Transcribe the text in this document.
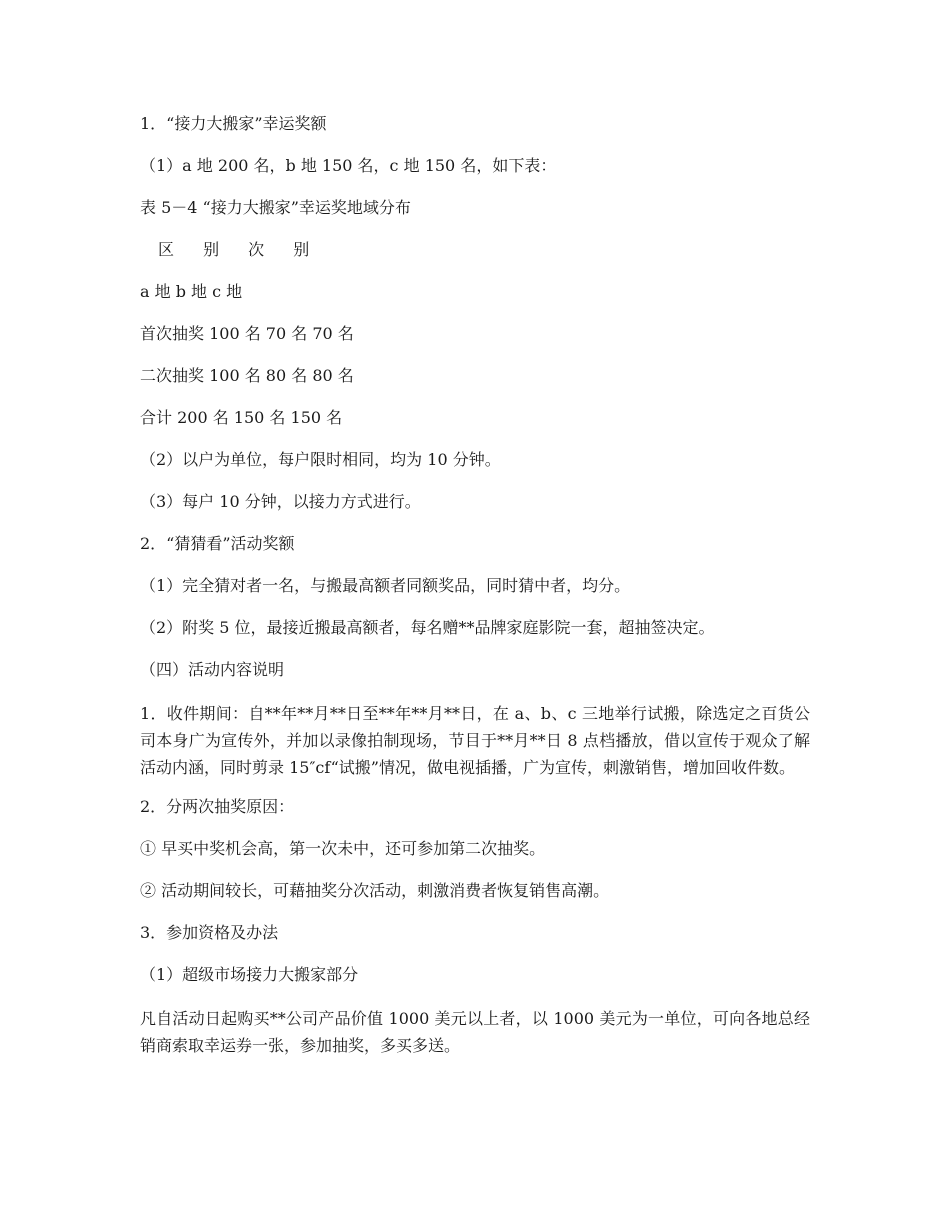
1．“接力大搬家”幸运奖额
（1）a 地 200 名，b 地 150 名，c 地 150 名，如下表：
表 5－4 “接力大搬家”幸运奖地域分布
区 别 次 别
a 地 b 地 c 地
首次抽奖 100 名 70 名 70 名
二次抽奖 100 名 80 名 80 名
合计 200 名 150 名 150 名
（2）以户为单位，每户限时相同，均为 10 分钟。
（3）每户 10 分钟，以接力方式进行。
2．“猜猜看”活动奖额
（1）完全猜对者一名，与搬最高额者同额奖品，同时猜中者，均分。
（2）附奖 5 位，最接近搬最高额者，每名赠**品牌家庭影院一套，超抽签决定。
（四）活动内容说明
1．收件期间：自**年**月**日至**年**月**日，在 a、b、c 三地举行试搬，除选定之百货公司本身广为宣传外，并加以录像拍制现场，节目于**月**日 8 点档播放，借以宣传于观众了解活动内涵，同时剪录 15″cf“试搬”情况，做电视插播，广为宣传，刺激销售，增加回收件数。
2．分两次抽奖原因：
① 早买中奖机会高，第一次未中，还可参加第二次抽奖。
② 活动期间较长，可藉抽奖分次活动，刺激消费者恢复销售高潮。
3．参加资格及办法
（1）超级市场接力大搬家部分
凡自活动日起购买**公司产品价值 1000 美元以上者，以 1000 美元为一单位，可向各地总经销商索取幸运券一张，参加抽奖，多买多送。
